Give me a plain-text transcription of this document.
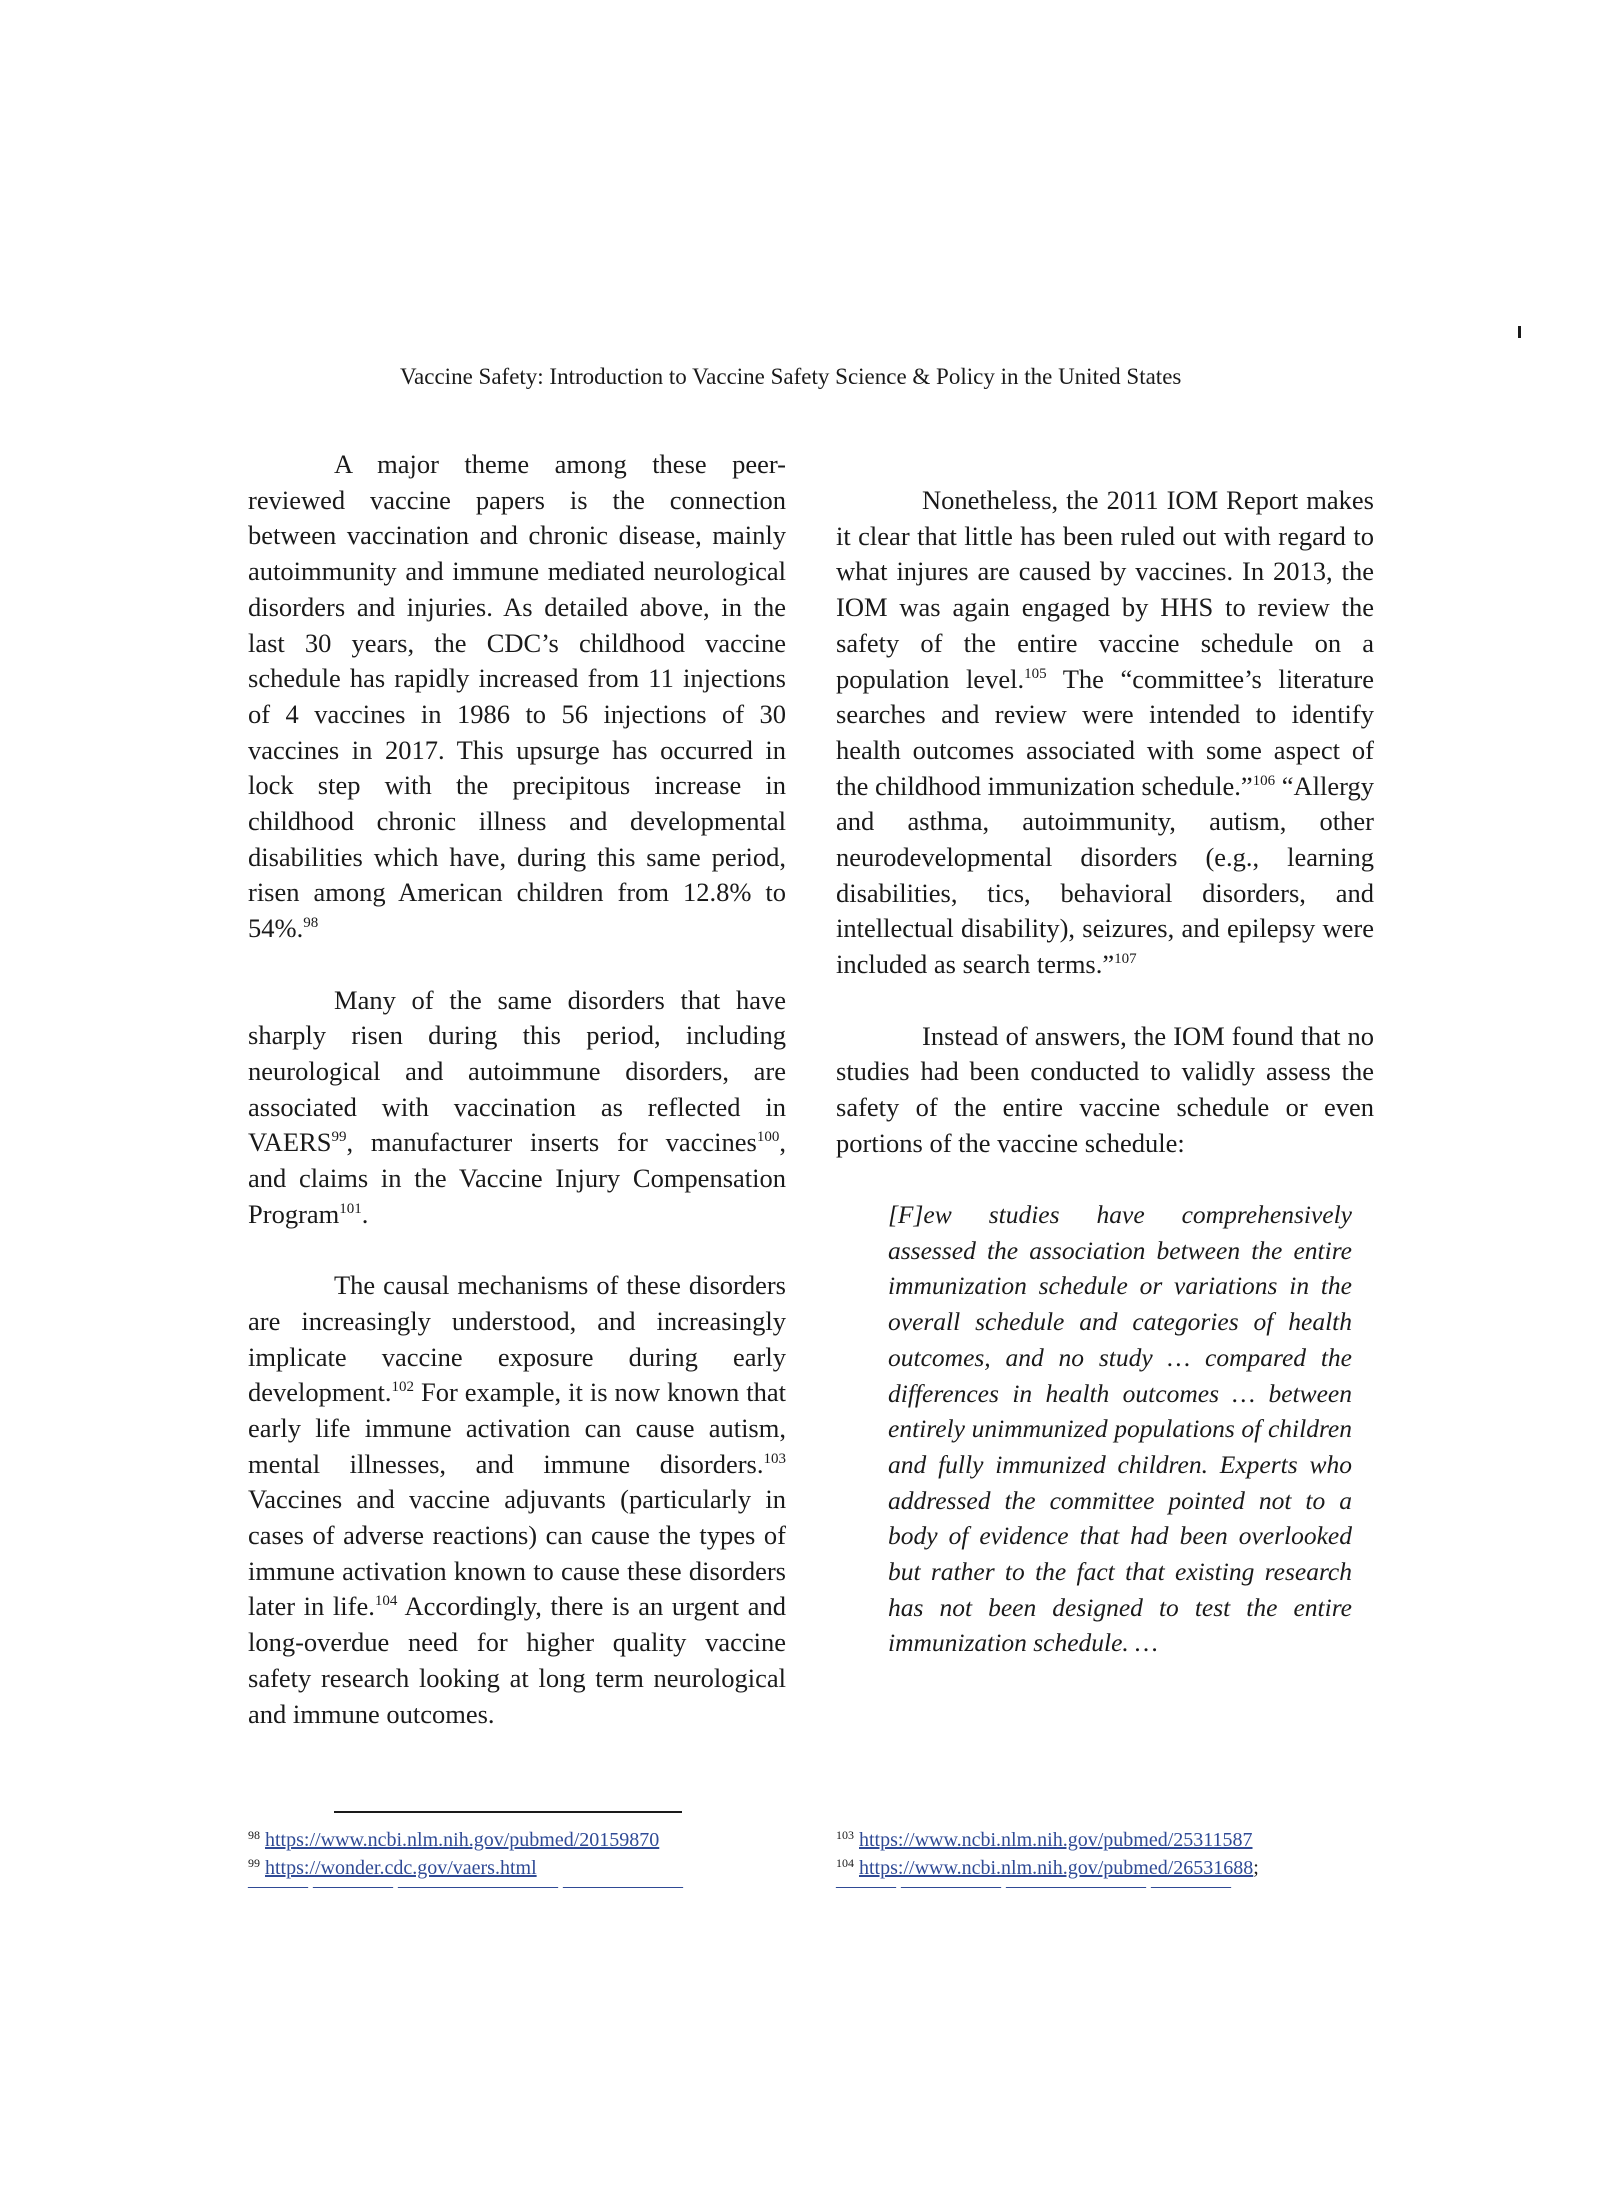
Vaccine Safety: Introduction to Vaccine Safety Science & Policy in the United States

A major theme among these peer-reviewed vaccine papers is the connection between vaccination and chronic disease, mainly autoimmunity and immune mediated neurological disorders and injuries. As detailed above, in the last 30 years, the CDC’s childhood vaccine schedule has rapidly increased from 11 injections of 4 vaccines in 1986 to 56 injections of 30 vaccines in 2017. This upsurge has occurred in lock step with the precipitous increase in childhood chronic illness and developmental disabilities which have, during this same period, risen among American children from 12.8% to 54%.$^{98}$

Many of the same disorders that have sharply risen during this period, including neurological and autoimmune disorders, are associated with vaccination as reflected in VAERS$^{99}$, manufacturer inserts for vaccines$^{100}$, and claims in the Vaccine Injury Compensation Program$^{101}$.

The causal mechanisms of these disorders are increasingly understood, and increasingly implicate vaccine exposure during early development.$^{102}$ For example, it is now known that early life immune activation can cause autism, mental illnesses, and immune disorders.$^{103}$ Vaccines and vaccine adjuvants (particularly in cases of adverse reactions) can cause the types of immune activation known to cause these disorders later in life.$^{104}$ Accordingly, there is an urgent and long-overdue need for higher quality vaccine safety research looking at long term neurological and immune outcomes.

Nonetheless, the 2011 IOM Report makes it clear that little has been ruled out with regard to what injures are caused by vaccines. In 2013, the IOM was again engaged by HHS to review the safety of the entire vaccine schedule on a population level.$^{105}$ The “committee’s literature searches and review were intended to identify health outcomes associated with some aspect of the childhood immunization schedule.”$^{106}$ “Allergy and asthma, autoimmunity, autism, other neurodevelopmental disorders (e.g., learning disabilities, tics, behavioral disorders, and intellectual disability), seizures, and epilepsy were included as search terms.”$^{107}$

Instead of answers, the IOM found that no studies had been conducted to validly assess the safety of the entire vaccine schedule or even portions of the vaccine schedule:

[F]ew studies have comprehensively assessed the association between the entire immunization schedule or variations in the overall schedule and categories of health outcomes, and no study … compared the differences in health outcomes … between entirely unimmunized populations of children and fully immunized children. Experts who addressed the committee pointed not to a body of evidence that had been overlooked but rather to the fact that existing research has not been designed to test the entire immunization schedule. …
$^{98}$ https://www.ncbi.nlm.nih.gov/pubmed/20159870
$^{99}$ https://wonder.cdc.gov/vaers.html
$^{103}$ https://www.ncbi.nlm.nih.gov/pubmed/25311587
$^{104}$ https://www.ncbi.nlm.nih.gov/pubmed/26531688;
——— ———— ———————— ——————	——— ————— ——————— ————
